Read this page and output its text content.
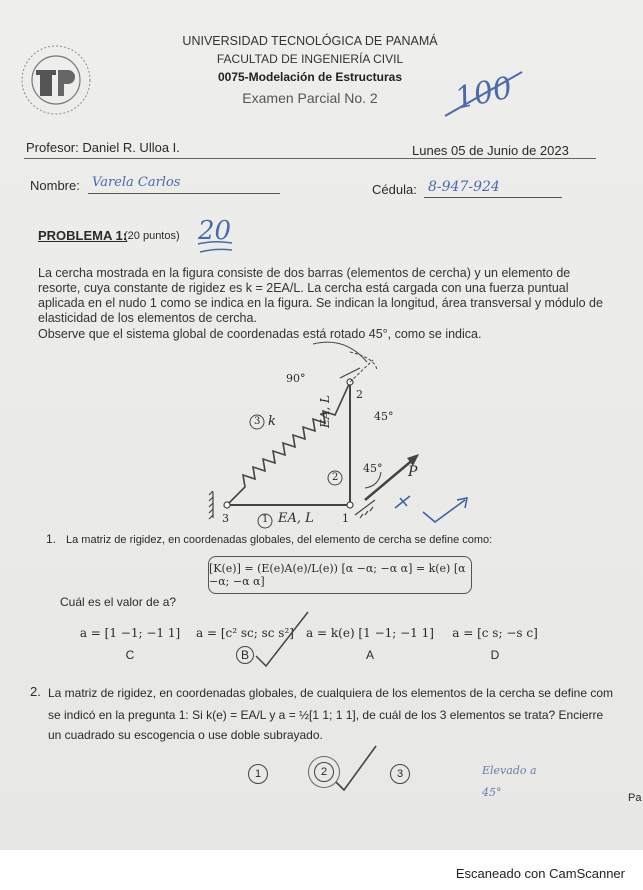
UNIVERSIDAD TECNOLÓGICA DE PANAMÁ
FACULTAD DE INGENIERÍA CIVIL
0075-Modelación de Estructuras
Examen Parcial No. 2	100
Profesor: Daniel R. Ulloa I.	Lunes 05 de Junio de 2023
Nombre: Varela Carlos	Cédula: 8-947-924
PROBLEMA 1:
(20 puntos) 20
La cercha mostrada en la figura consiste de dos barras (elementos de cercha) y un elemento de resorte, cuya constante de rigidez es k = 2EA/L. La cercha está cargada con una fuerza puntual aplicada en el nudo 1 como se indica en la figura. Se indican la longitud, área transversal y módulo de elasticidad de los elementos de cercha.
Observe que el sistema global de coordenadas está rotado 45°, como se indica.
90°
2
45°
3 k
2
EA, L
45° P
3	1 EA, L	1
1. La matriz de rigidez, en coordenadas globales, del elemento de cercha se define como:
[K(e)] = (E(e)A(e)/L(e)) [α −α; −α α] = k(e) [α −α; −α α]
Cuál es el valor de a?
a = [1 −1; −1 1]
C
a = [c² sc; sc s²]
B
a = k(e) [1 −1; −1 1]
A
a = [c s; −s c]
D
2. La matriz de rigidez, en coordenadas globales, de cualquiera de los elementos de la cercha se define com
se indicó en la pregunta 1: Si k(e) = EA/L y a = ½[1 1; 1 1], de cuál de los 3 elementos se trata? Encierre
un cuadrado su escogencia o use doble subrayado.
1	2	3	Elevado a 45°	Pa
Escaneado con CamScanner
